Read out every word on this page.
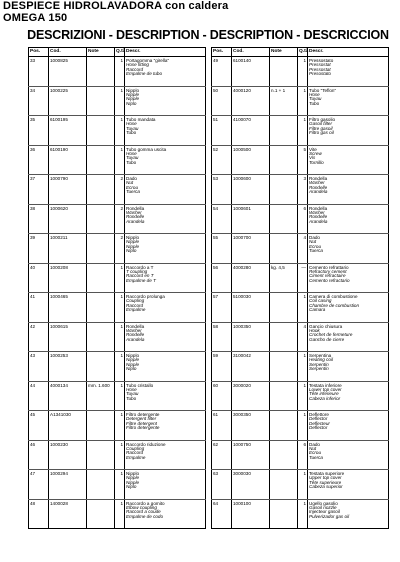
DESPIECE HIDROLAVADORA con caldera
OMEGA 150
DESCRIZIONI - DESCRIPTION - DESCRIPTION - DESCRICCION
Pos.	Cod.	Note	Q.tà	Descr.
33	1000825		1	Portagomma "girella"
Hose fitting
Raccord
Empalme de tubo

34	1000225		1	Nipplo
Nipple
Nipple
Niplo

35	6100195		1	Tubo mandata
Hose
Tuyau
Tubo

36	6100190		1	Tubo gomma uscita
Hose
Tuyau
Tubo

37	1000790		2	Dado
Nut
Ecrou
Tuerca

38	1000620		2	Rondella
Washer
Rondelle
Arandela

39	1000211		2	Nipplo
Nipple
Nipple
Niplo

40	1000208		1	Raccordo a T
T coupling
Raccord en T
Empalme de T

41	1000465		1	Raccordo prolunga
Coupling
Raccord
Empalme

42	1000615		1	Rondella
Washer
Rondelle
Arandela

43	1000253		1	Nipplo
Nipple
Nipple
Niplo

44	4000134	mm. 1.600	1	Tubo cristallo
Hose
Tuyau
Tubo

45	A1341030		1	Filtro detergente
Detergent filter
Filtre detergent
Filtro detergente

46	1000230		1	Raccordo riduzione
Coupling
Raccord
Empalme

47	1000294		1	Nipplo
Nipple
Nipple
Niplo

48	1400028		1	Raccordo a gomito
Elbow coupling
Raccord a coude
Empalme de codo
Pos.	Cod.	Note	Q.tà	Descr.
49	6100140		1	Pressostato
Pressostat
Pressostat
Presostato

50	4000120	n.1 + 1	1	Tubo "Teflon"
Hose
Tuyau
Tubo

51	4100070		1	Filtro gasolio
Gasoil filter
Filtre gasoil
Filtro gas oil

52	1000500		5	Vite
Screw
Vis
Tornillo

53	1000600		3	Rondella
Washer
Rondelle
Arandela

54	1000601		6	Rondella
Washer
Rondelle
Arandela

55	1000700		4	Dado
Nut
Ecrou
Tuerca

56	4000280	kg. 4,5	—	Cemento refrattario
Refractory cement
Ciment refractaire
Cemento refractario

57	5100030		1	Camera di combustione
Coil casing
Chambre de combustion
Camara

58	1000350		4	Gancio chiusura
Hook
Crochet de fermeture
Gancho de cierre

59	3100042		1	Serpentina
Heating coil
Serpentin
Serpentin

60	3000020		1	Testata inferiore
Lower top cover
Tête inferieure
Cabeza inferior

61	3000350		1	Deflettore
Deflector
Deflecteur
Deflector

62	1000750		6	Dado
Nut
Ecrou
Tuerca

63	3000030		1	Testata superiore
Upper top cover
Tête superieure
Cabeza superior

64	1000100		1	Ugello gasolio
Gasoil nozzle
Injecteur gasoil
Pulverizador gas oil
